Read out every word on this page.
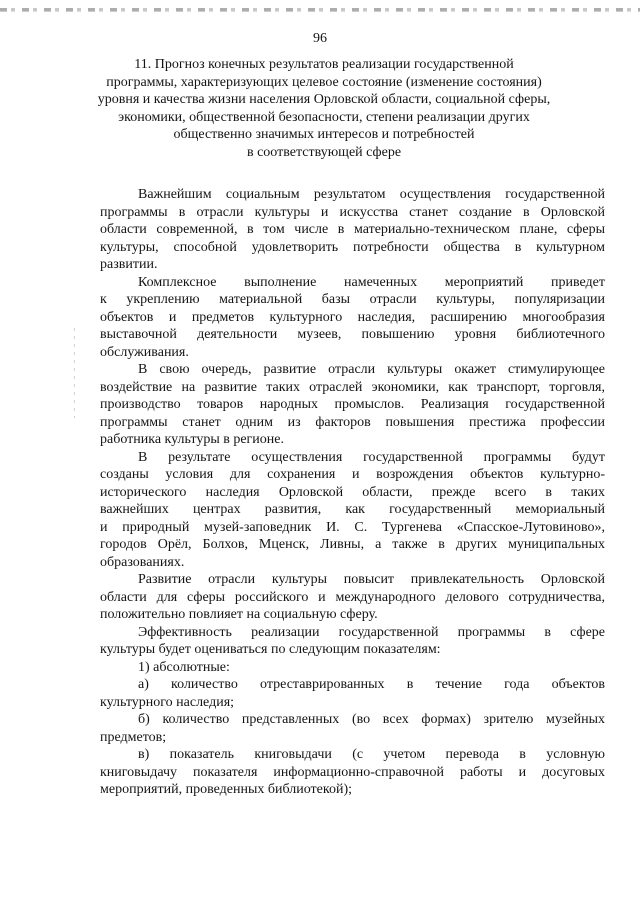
96
11. Прогноз конечных результатов реализации государственной
программы, характеризующих целевое состояние (изменение состояния)
уровня и качества жизни населения Орловской области, социальной сферы,
экономики, общественной безопасности, степени реализации других
общественно значимых интересов и потребностей
в соответствующей сфере

Важнейшим социальным результатом осуществления государственной
программы в отрасли культуры и искусства станет создание в Орловской
области современной, в том числе в материально-техническом плане, сферы
культуры, способной удовлетворить потребности общества в культурном
развитии.

Комплексное выполнение намеченных мероприятий приведет
к укреплению материальной базы отрасли культуры, популяризации
объектов и предметов культурного наследия, расширению многообразия
выставочной деятельности музеев, повышению уровня библиотечного
обслуживания.

В свою очередь, развитие отрасли культуры окажет стимулирующее
воздействие на развитие таких отраслей экономики, как транспорт, торговля,
производство товаров народных промыслов. Реализация государственной
программы станет одним из факторов повышения престижа профессии
работника культуры в регионе.

В результате осуществления государственной программы будут
созданы условия для сохранения и возрождения объектов культурно-
исторического наследия Орловской области, прежде всего в таких
важнейших центрах развития, как государственный мемориальный
и природный музей-заповедник И. С. Тургенева «Спасское-Лутовиново»,
городов Орёл, Болхов, Мценск, Ливны, а также в других муниципальных
образованиях.

Развитие отрасли культуры повысит привлекательность Орловской
области для сферы российского и международного делового сотрудничества,
положительно повлияет на социальную сферу.

Эффективность реализации государственной программы в сфере
культуры будет оцениваться по следующим показателям:

1) абсолютные:

а) количество отреставрированных в течение года объектов
культурного наследия;

б) количество представленных (во всех формах) зрителю музейных
предметов;

в) показатель книговыдачи (с учетом перевода в условную
книговыдачу показателя информационно-справочной работы и досуговых
мероприятий, проведенных библиотекой);
